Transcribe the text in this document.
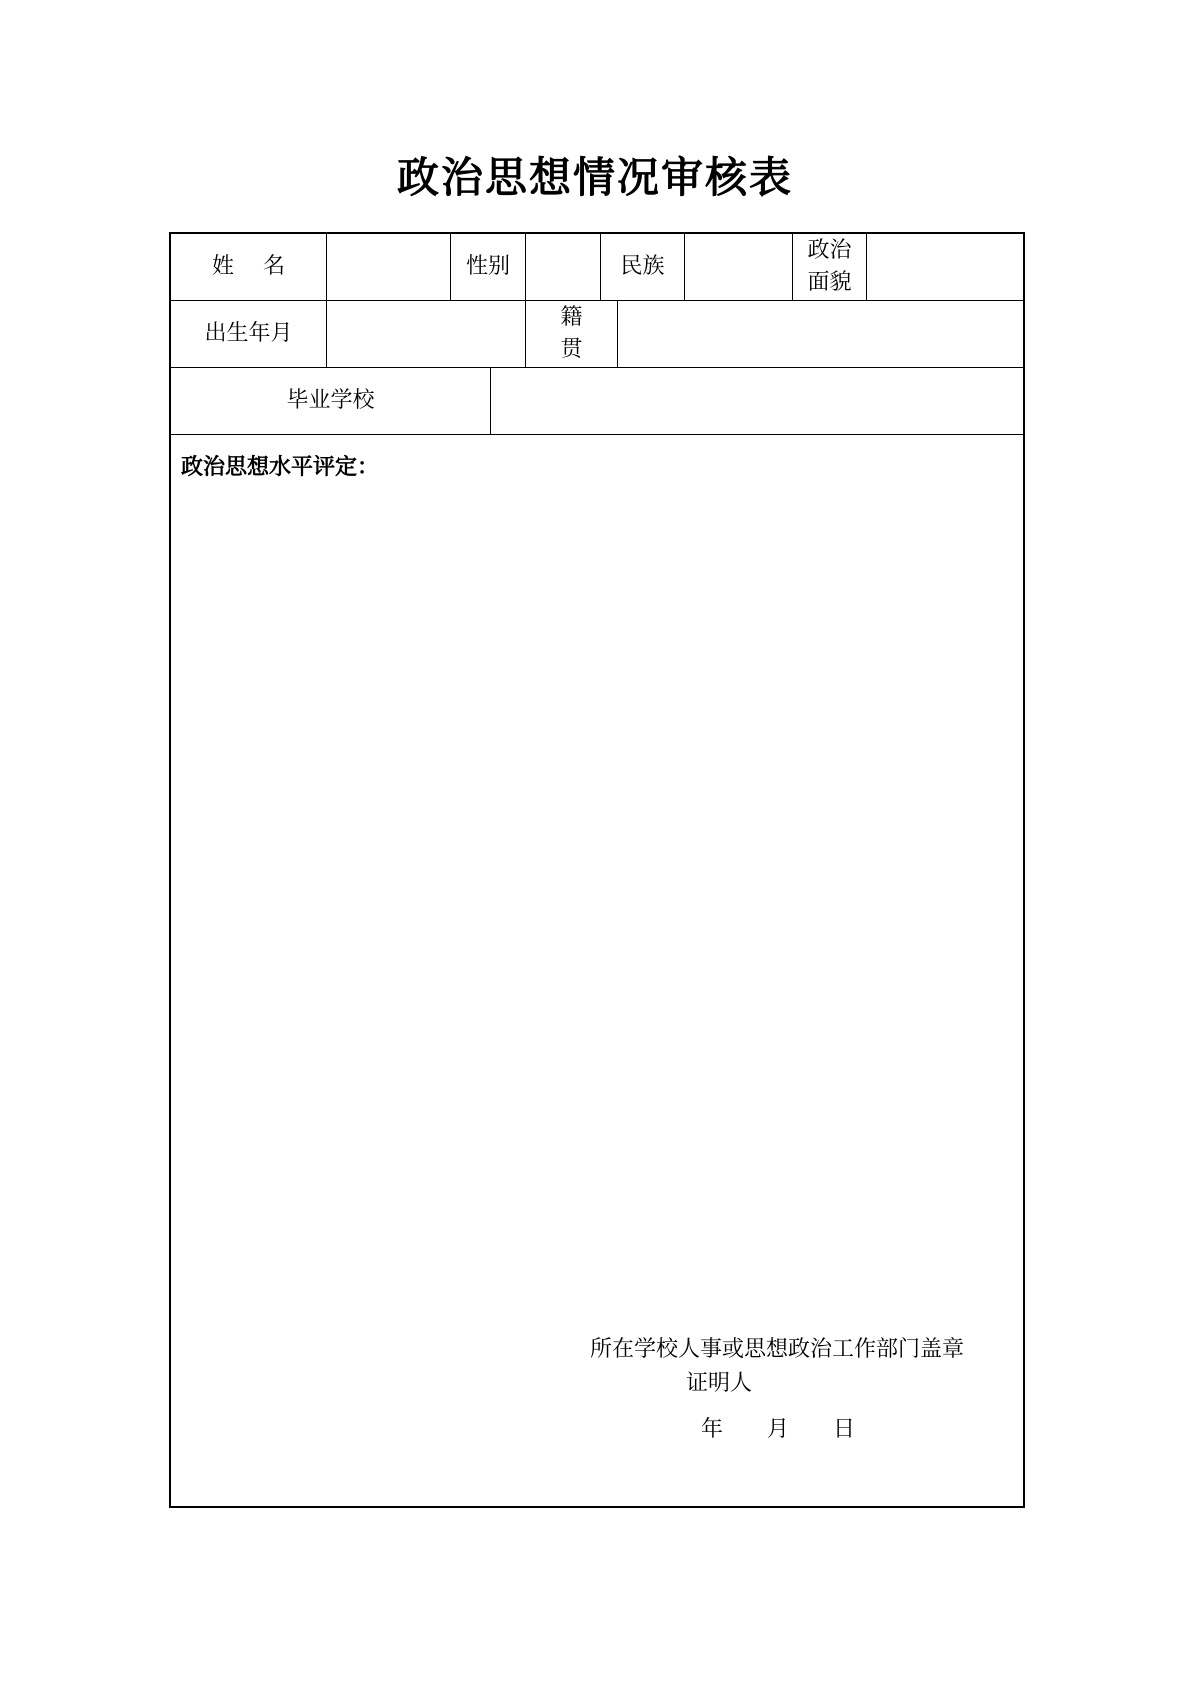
政治思想情况审核表
姓　 名	性别	民族
政治
面貌
出生年月
籍
贯
毕业学校
政治思想水平评定：
所在学校人事或思想政治工作部门盖章
证明人
年　　月　　日
